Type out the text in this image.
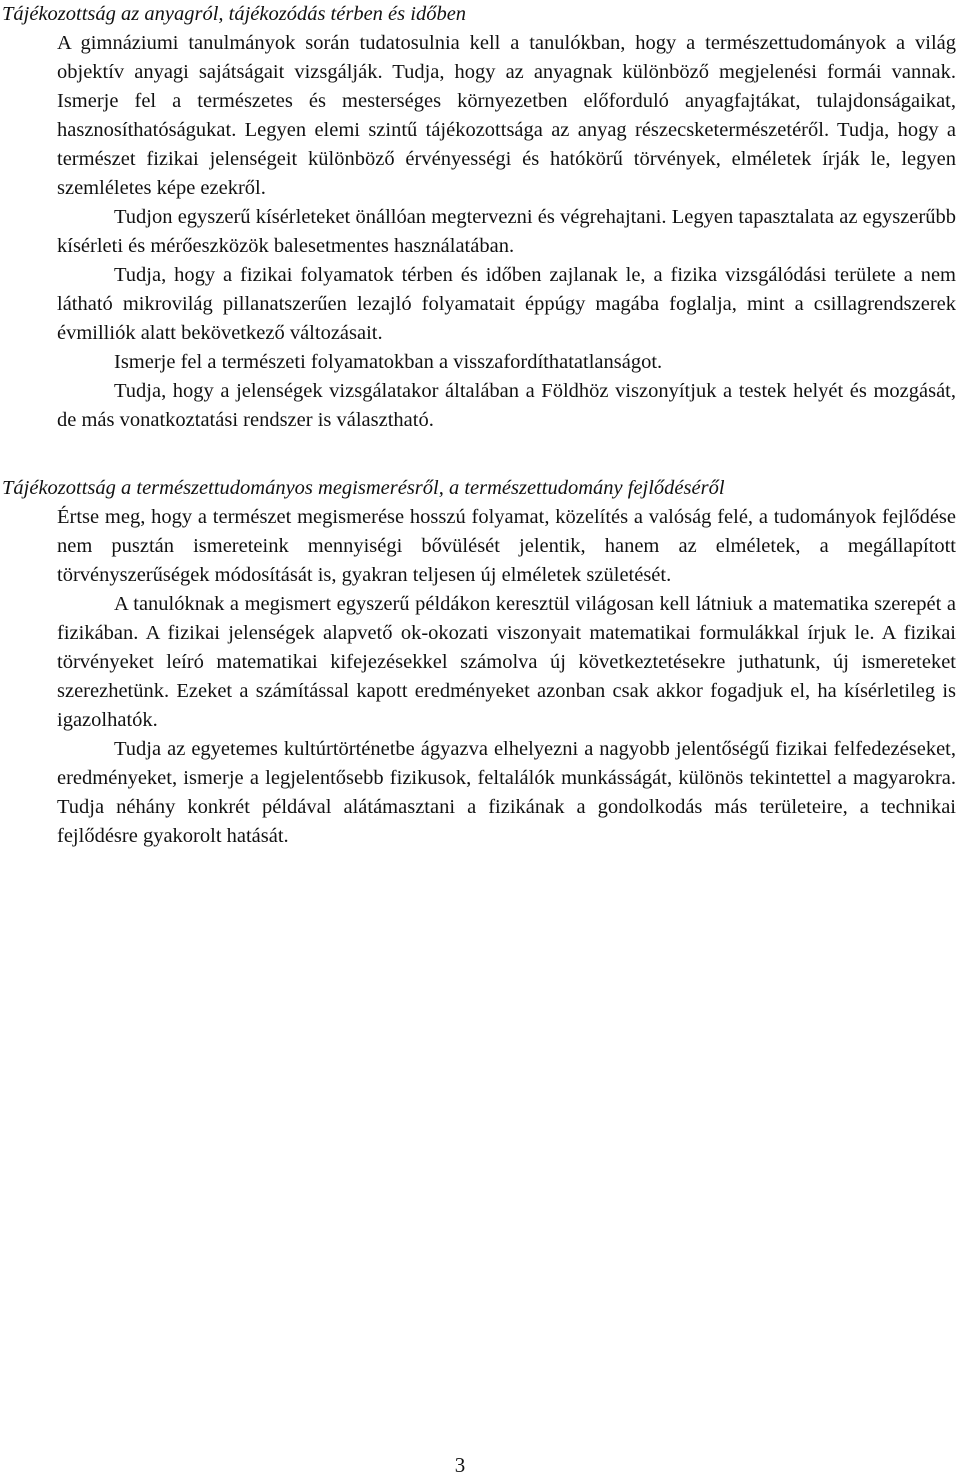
Tájékozottság az anyagról, tájékozódás térben és időben

A gimnáziumi tanulmányok során tudatosulnia kell a tanulókban, hogy a természettudományok a világ objektív anyagi sajátságait vizsgálják. Tudja, hogy az anyagnak különböző megjelenési formái vannak. Ismerje fel a természetes és mesterséges környezetben előforduló anyagfajtákat, tulajdonságaikat, hasznosíthatóságukat. Legyen elemi szintű tájékozottsága az anyag részecsketermészetéről. Tudja, hogy a természet fizikai jelenségeit különböző érvényességi és hatókörű törvények, elméletek írják le, legyen szemléletes képe ezekről.

Tudjon egyszerű kísérleteket önállóan megtervezni és végrehajtani. Legyen tapasztalata az egyszerűbb kísérleti és mérőeszközök balesetmentes használatában.

Tudja, hogy a fizikai folyamatok térben és időben zajlanak le, a fizika vizsgálódási területe a nem látható mikrovilág pillanatszerűen lezajló folyamatait éppúgy magába foglalja, mint a csillagrendszerek évmilliók alatt bekövetkező változásait.

Ismerje fel a természeti folyamatokban a visszafordíthatatlanságot.

Tudja, hogy a jelenségek vizsgálatakor általában a Földhöz viszonyítjuk a testek helyét és mozgását, de más vonatkoztatási rendszer is választható.

Tájékozottság a természettudományos megismerésről, a természettudomány fejlődéséről

Értse meg, hogy a természet megismerése hosszú folyamat, közelítés a valóság felé, a tudományok fejlődése nem pusztán ismereteink mennyiségi bővülését jelentik, hanem az elméletek, a megállapított törvényszerűségek módosítását is, gyakran teljesen új elméletek születését.

A tanulóknak a megismert egyszerű példákon keresztül világosan kell látniuk a matematika szerepét a fizikában. A fizikai jelenségek alapvető ok-okozati viszonyait matematikai formulákkal írjuk le. A fizikai törvényeket leíró matematikai kifejezésekkel számolva új következtetésekre juthatunk, új ismereteket szerezhetünk. Ezeket a számítással kapott eredményeket azonban csak akkor fogadjuk el, ha kísérletileg is igazolhatók.

Tudja az egyetemes kultúrtörténetbe ágyazva elhelyezni a nagyobb jelentőségű fizikai felfedezéseket, eredményeket, ismerje a legjelentősebb fizikusok, feltalálók munkásságát, különös tekintettel a magyarokra. Tudja néhány konkrét példával alátámasztani a fizikának a gondolkodás más területeire, a technikai fejlődésre gyakorolt hatását.

3
